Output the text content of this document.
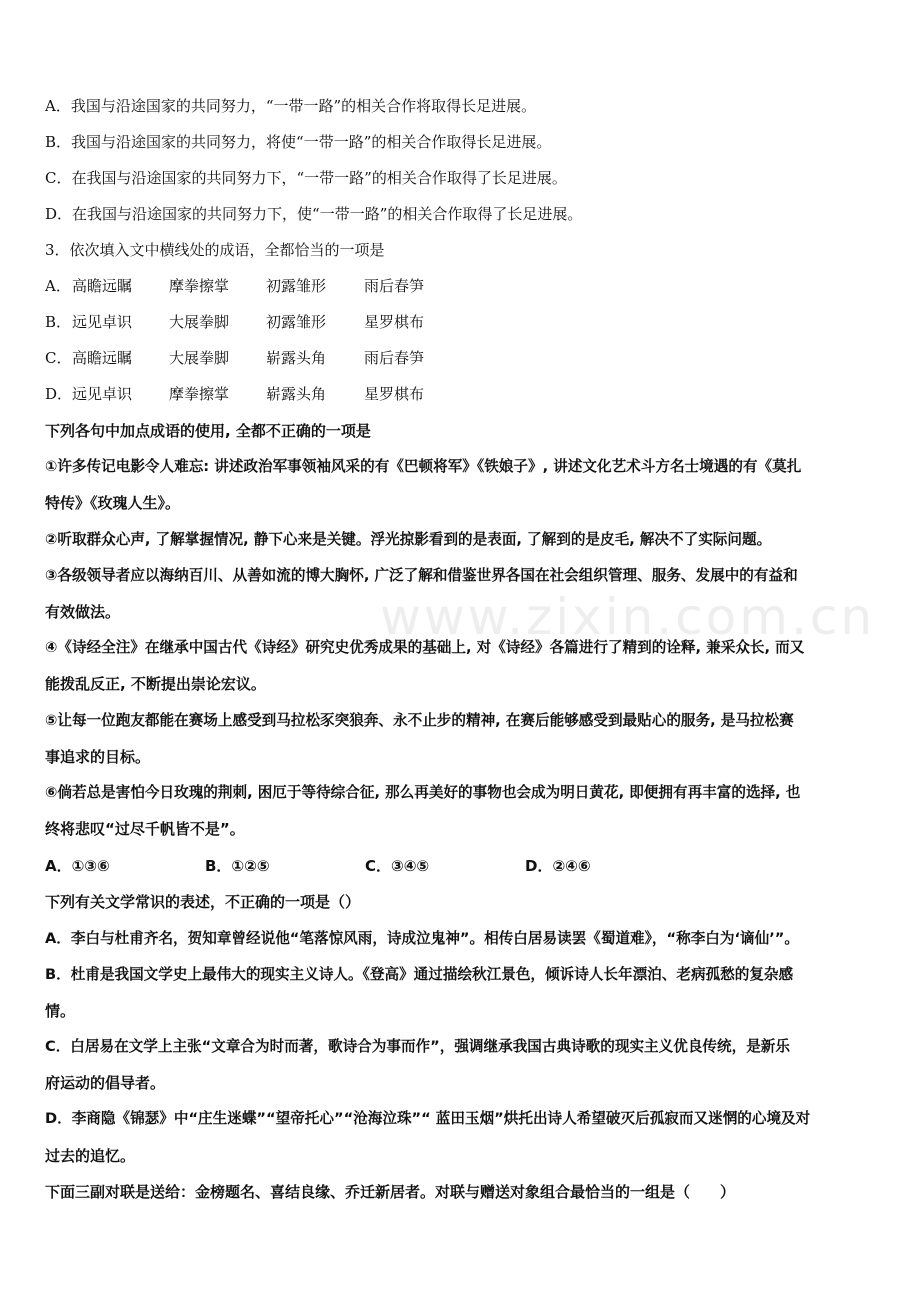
www.zixin.com.cn
A．我国与沿途国家的共同努力，“一带一路”的相关合作将取得长足进展。
B．我国与沿途国家的共同努力，将使“一带一路”的相关合作取得长足进展。
C．在我国与沿途国家的共同努力下，“一带一路”的相关合作取得了长足进展。
D．在我国与沿途国家的共同努力下，使“一带一路”的相关合作取得了长足进展。
3．依次填入文中横线处的成语，全都恰当的一项是
A． 高瞻远瞩 摩拳擦掌 初露雏形	雨后春笋
B． 远见卓识 大展拳脚 初露雏形	星罗棋布
C． 高瞻远瞩 大展拳脚 崭露头角	雨后春笋
D． 远见卓识 摩拳擦掌 崭露头角	星罗棋布
下列各句中加点成语的使用, 全都不正确的一项是
①许多传记电影令人难忘: 讲述政治军事领袖风采的有《巴顿将军》《铁娘子》, 讲述文化艺术斗方名士境遇的有《莫扎
特传》《玫瑰人生》。
②听取群众心声, 了解掌握情况, 静下心来是关键。浮光掠影看到的是表面, 了解到的是皮毛, 解决不了实际问题。
③各级领导者应以海纳百川、从善如流的博大胸怀, 广泛了解和借鉴世界各国在社会组织管理、服务、发展中的有益和
有效做法。
④《诗经全注》在继承中国古代《诗经》研究史优秀成果的基础上, 对《诗经》各篇进行了精到的诠释, 兼采众长, 而又
能拨乱反正, 不断提出崇论宏议。
⑤让每一位跑友都能在赛场上感受到马拉松豕突狼奔、永不止步的精神, 在赛后能够感受到最贴心的服务, 是马拉松赛
事追求的目标。
⑥倘若总是害怕今日玫瑰的荆刺, 困厄于等待综合征, 那么再美好的事物也会成为明日黄花, 即便拥有再丰富的选择, 也
终将悲叹“过尽千帆皆不是”。
A．①③⑥	B．①②⑤	C．③④⑤	D．②④⑥
下列有关文学常识的表述，不正确的一项是（）
A．李白与杜甫齐名，贺知章曾经说他“笔落惊风雨，诗成泣鬼神”。相传白居易读罢《蜀道难》，“称李白为‘谪仙’”。
B．杜甫是我国文学史上最伟大的现实主义诗人。《登高》通过描绘秋江景色，倾诉诗人长年漂泊、老病孤愁的复杂感
情。
C．白居易在文学上主张“文章合为时而著，歌诗合为事而作”，强调继承我国古典诗歌的现实主义优良传统，是新乐
府运动的倡导者。
D．李商隐《锦瑟》中“庄生迷蝶”“望帝托心”“沧海泣珠”“ 蓝田玉烟”烘托出诗人希望破灭后孤寂而又迷惘的心境及对
过去的追忆。
下面三副对联是送给：金榜题名、喜结良缘、乔迁新居者。对联与赠送对象组合最恰当的一组是（　　）
